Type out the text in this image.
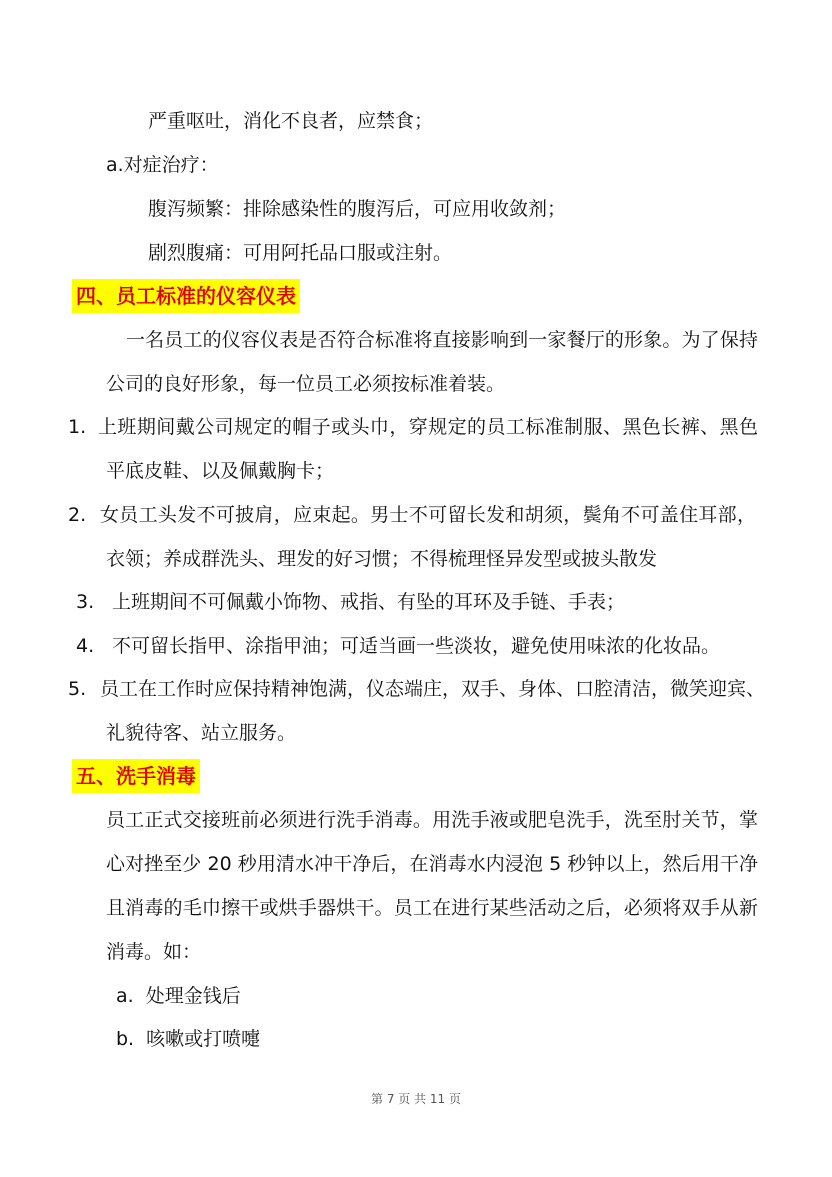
严重呕吐，消化不良者，应禁食；
a.对症治疗：
腹泻频繁：排除感染性的腹泻后，可应用收敛剂；
剧烈腹痛：可用阿托品口服或注射。
四、员工标准的仪容仪表
一名员工的仪容仪表是否符合标准将直接影响到一家餐厅的形象。为了保持
公司的良好形象，每一位员工必须按标准着装。
1. 上班期间戴公司规定的帽子或头巾，穿规定的员工标准制服、黑色长裤、黑色
平底皮鞋、以及佩戴胸卡；
2. 女员工头发不可披肩，应束起。男士不可留长发和胡须，鬓角不可盖住耳部，
衣领；养成群洗头、理发的好习惯；不得梳理怪异发型或披头散发
3. 上班期间不可佩戴小饰物、戒指、有坠的耳环及手链、手表；
4. 不可留长指甲、涂指甲油；可适当画一些淡妆，避免使用味浓的化妆品。
5. 员工在工作时应保持精神饱满，仪态端庄，双手、身体、口腔清洁，微笑迎宾、
礼貌待客、站立服务。
五、洗手消毒
员工正式交接班前必须进行洗手消毒。用洗手液或肥皂洗手，洗至肘关节，掌
心对挫至少 20 秒用清水冲干净后，在消毒水内浸泡 5 秒钟以上，然后用干净
且消毒的毛巾擦干或烘手器烘干。员工在进行某些活动之后，必须将双手从新
消毒。如：
a.  处理金钱后
b.  咳嗽或打喷嚏
第 7 页 共 11 页
